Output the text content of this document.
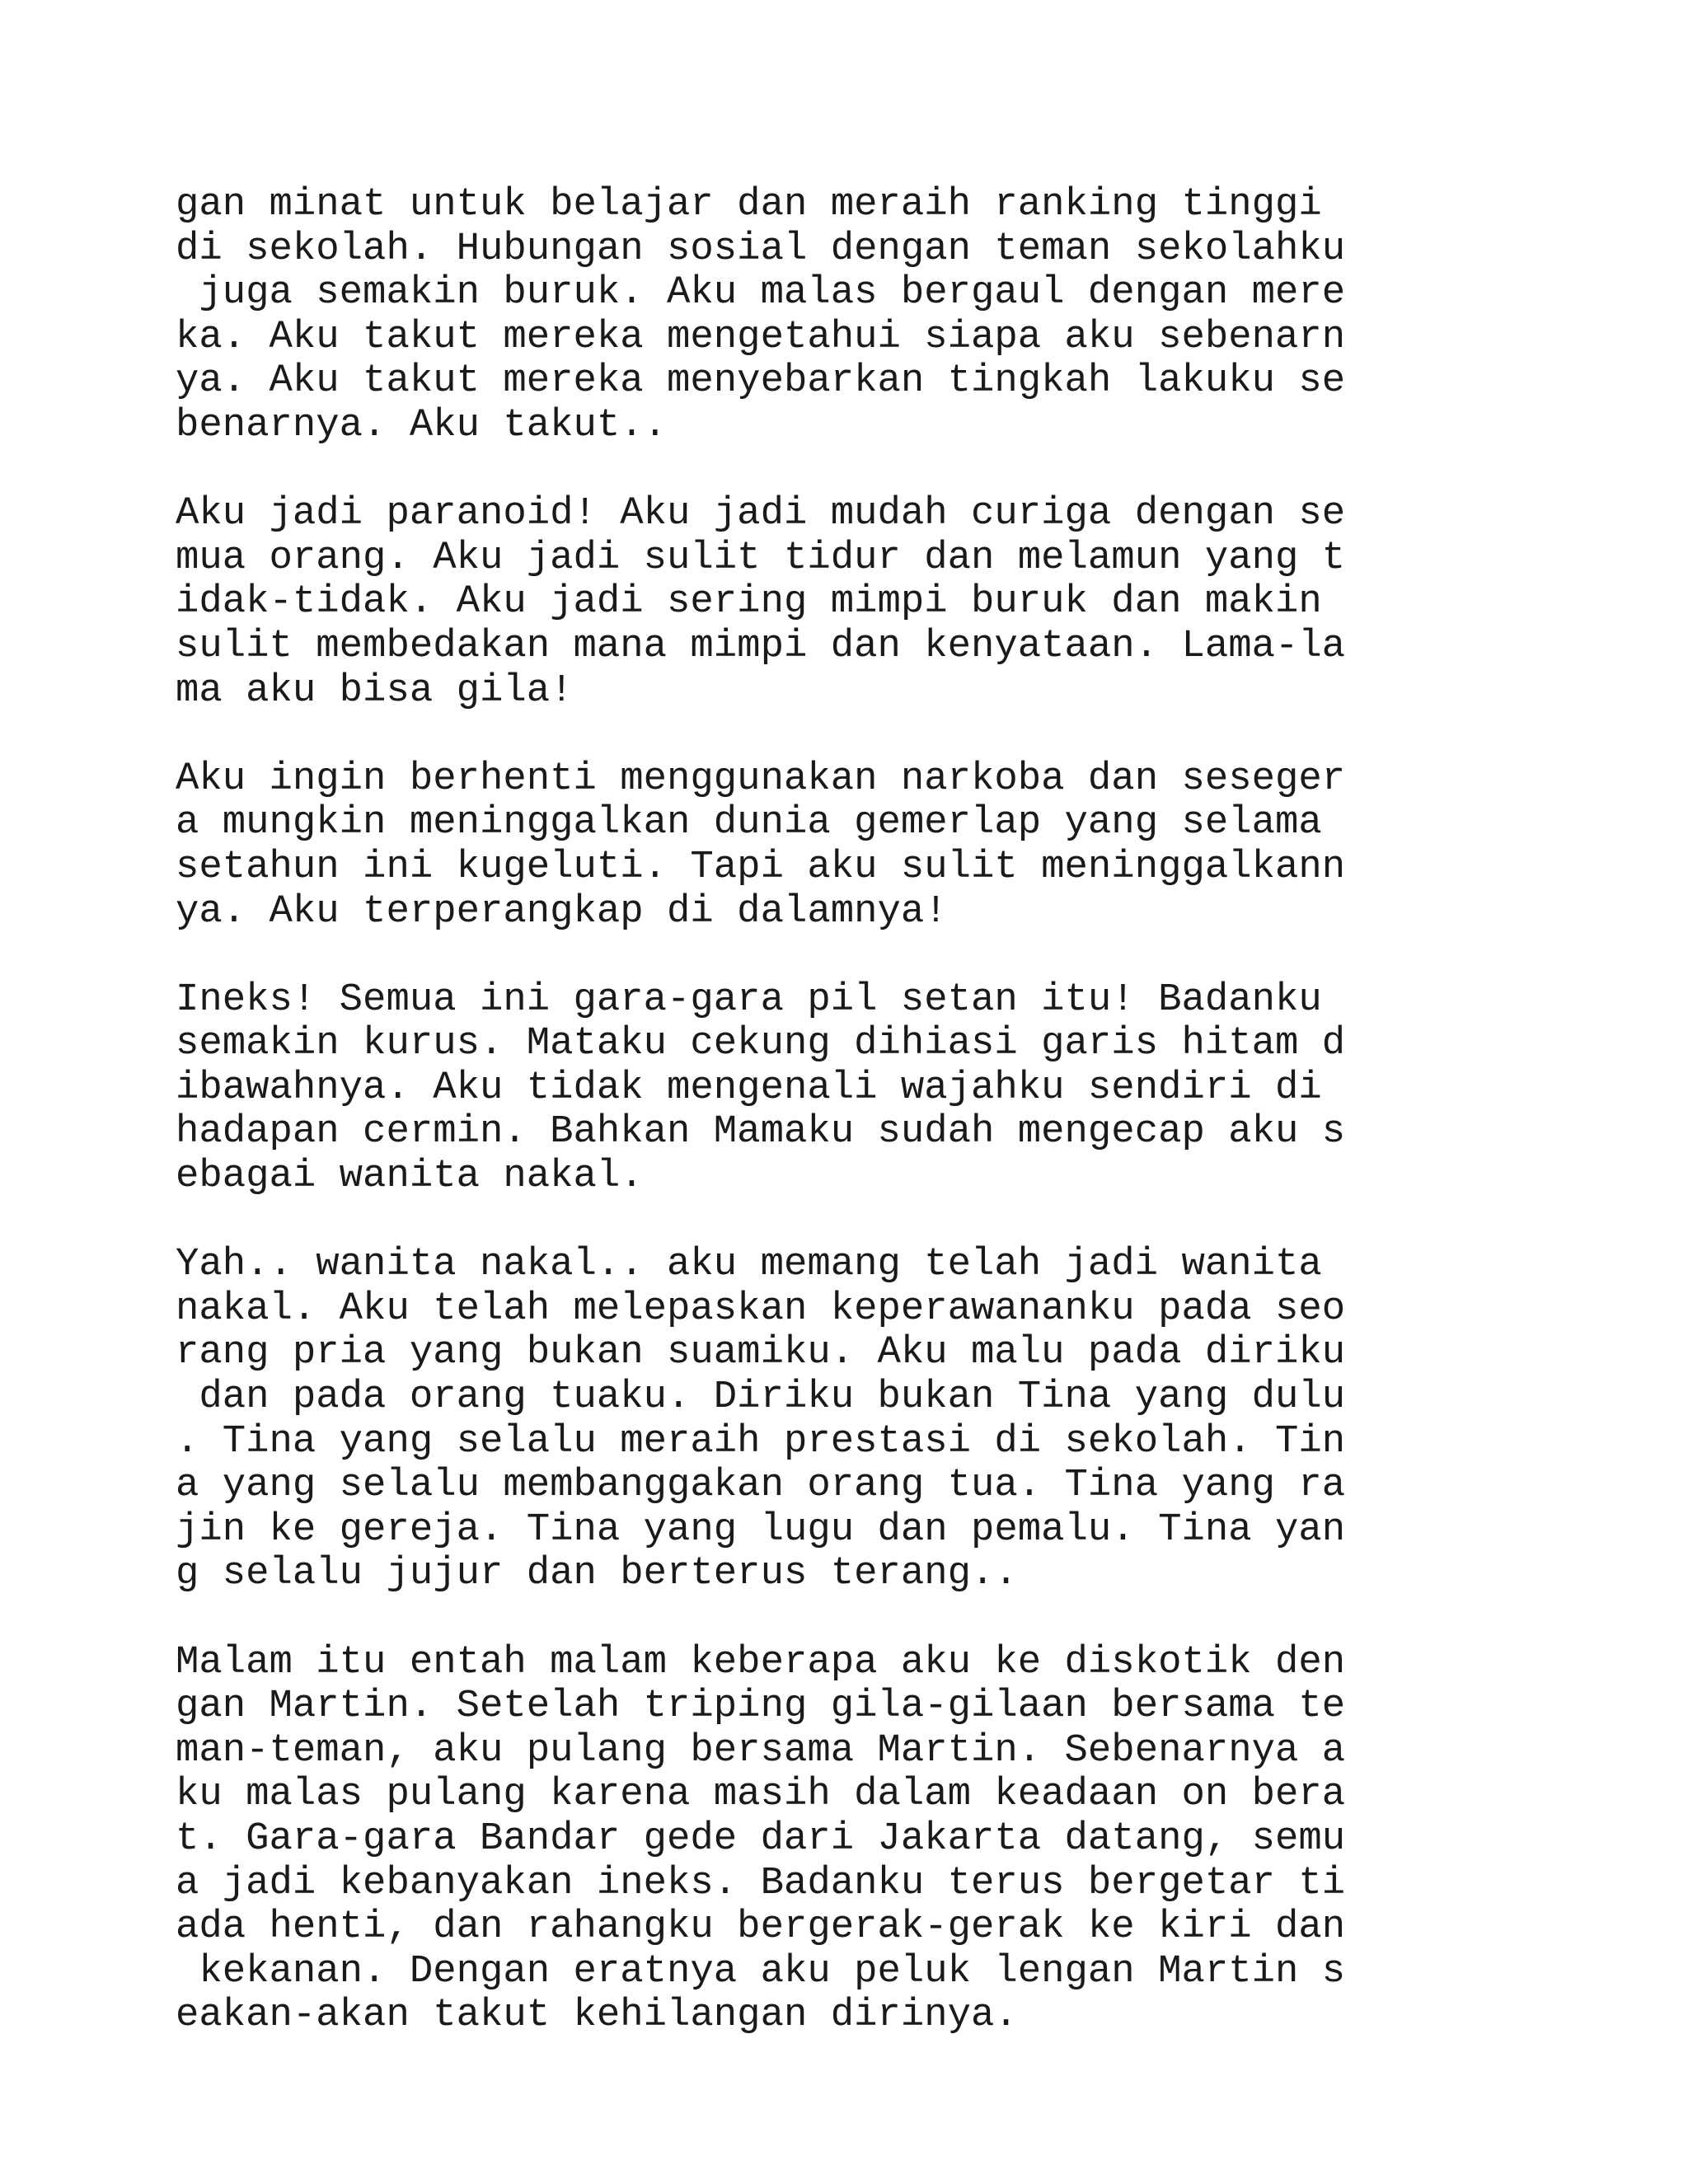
gan minat untuk belajar dan meraih ranking tinggi
di sekolah. Hubungan sosial dengan teman sekolahku
juga semakin buruk. Aku malas bergaul dengan mere
ka. Aku takut mereka mengetahui siapa aku sebenarn
ya. Aku takut mereka menyebarkan tingkah lakuku se
benarnya. Aku takut..
Aku jadi paranoid! Aku jadi mudah curiga dengan se
mua orang. Aku jadi sulit tidur dan melamun yang t
idak-tidak. Aku jadi sering mimpi buruk dan makin
sulit membedakan mana mimpi dan kenyataan. Lama-la
ma aku bisa gila!
Aku ingin berhenti menggunakan narkoba dan seseger
a mungkin meninggalkan dunia gemerlap yang selama
setahun ini kugeluti. Tapi aku sulit meninggalkann
ya. Aku terperangkap di dalamnya!
Ineks! Semua ini gara-gara pil setan itu! Badanku
semakin kurus. Mataku cekung dihiasi garis hitam d
ibawahnya. Aku tidak mengenali wajahku sendiri di
hadapan cermin. Bahkan Mamaku sudah mengecap aku s
ebagai wanita nakal.
Yah.. wanita nakal.. aku memang telah jadi wanita
nakal. Aku telah melepaskan keperawananku pada seo
rang pria yang bukan suamiku. Aku malu pada diriku
dan pada orang tuaku. Diriku bukan Tina yang dulu
. Tina yang selalu meraih prestasi di sekolah. Tin
a yang selalu membanggakan orang tua. Tina yang ra
jin ke gereja. Tina yang lugu dan pemalu. Tina yan
g selalu jujur dan berterus terang..
Malam itu entah malam keberapa aku ke diskotik den
gan Martin. Setelah triping gila-gilaan bersama te
man-teman, aku pulang bersama Martin. Sebenarnya a
ku malas pulang karena masih dalam keadaan on bera
t. Gara-gara Bandar gede dari Jakarta datang, semu
a jadi kebanyakan ineks. Badanku terus bergetar ti
ada henti, dan rahangku bergerak-gerak ke kiri dan
kekanan. Dengan eratnya aku peluk lengan Martin s
eakan-akan takut kehilangan dirinya.
